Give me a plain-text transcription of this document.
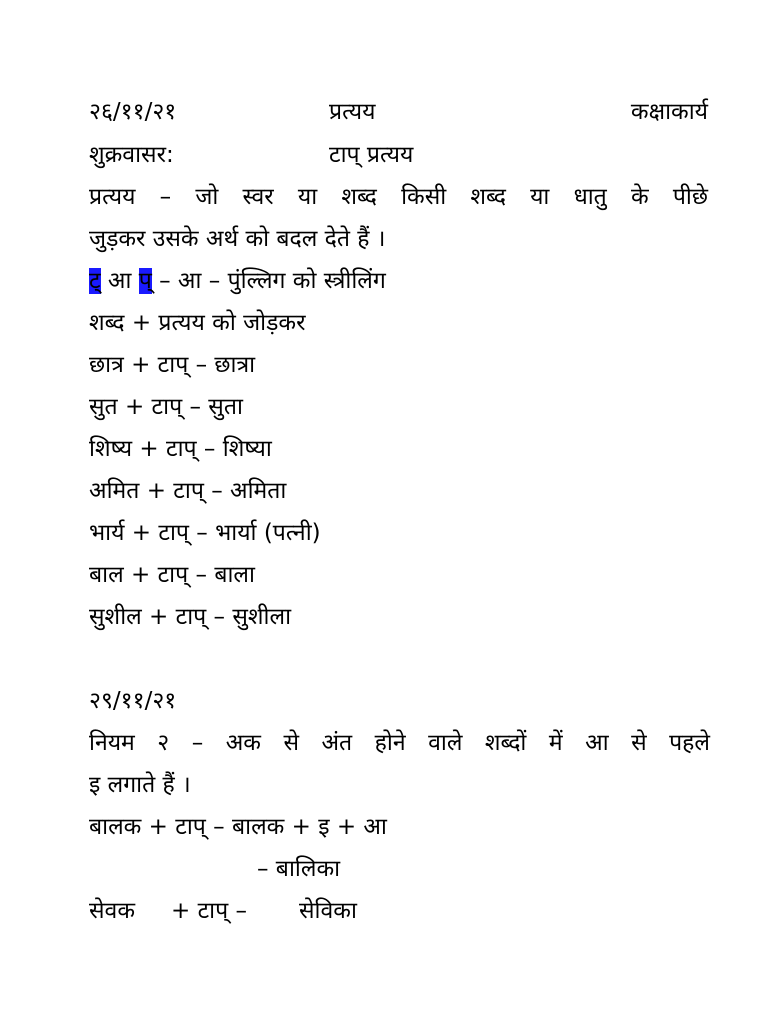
२६/११/२१	प्रत्यय	कक्षाकार्य
शुक्रवासर:	टाप् प्रत्यय
प्रत्यय – जो स्वर या शब्द किसी शब्द या धातु के पीछे
जुड़कर उसके अर्थ को बदल देते हैं ।
ट् आ प् – आ – पुंल्लिग को स्त्रीलिंग
शब्द + प्रत्यय को जोड़कर
छात्र + टाप् – छात्रा
सुत + टाप् – सुता
शिष्य + टाप् – शिष्या
अमित + टाप् – अमिता
भार्य + टाप् – भार्या (पत्नी)
बाल + टाप् – बाला
सुशील + टाप् – सुशीला
२९/११/२१
नियम २ – अक से अंत होने वाले शब्दों में आ से पहले
इ लगाते हैं ।
बालक + टाप् – बालक + इ + आ
– बालिका
सेवक + टाप् – सेविका
